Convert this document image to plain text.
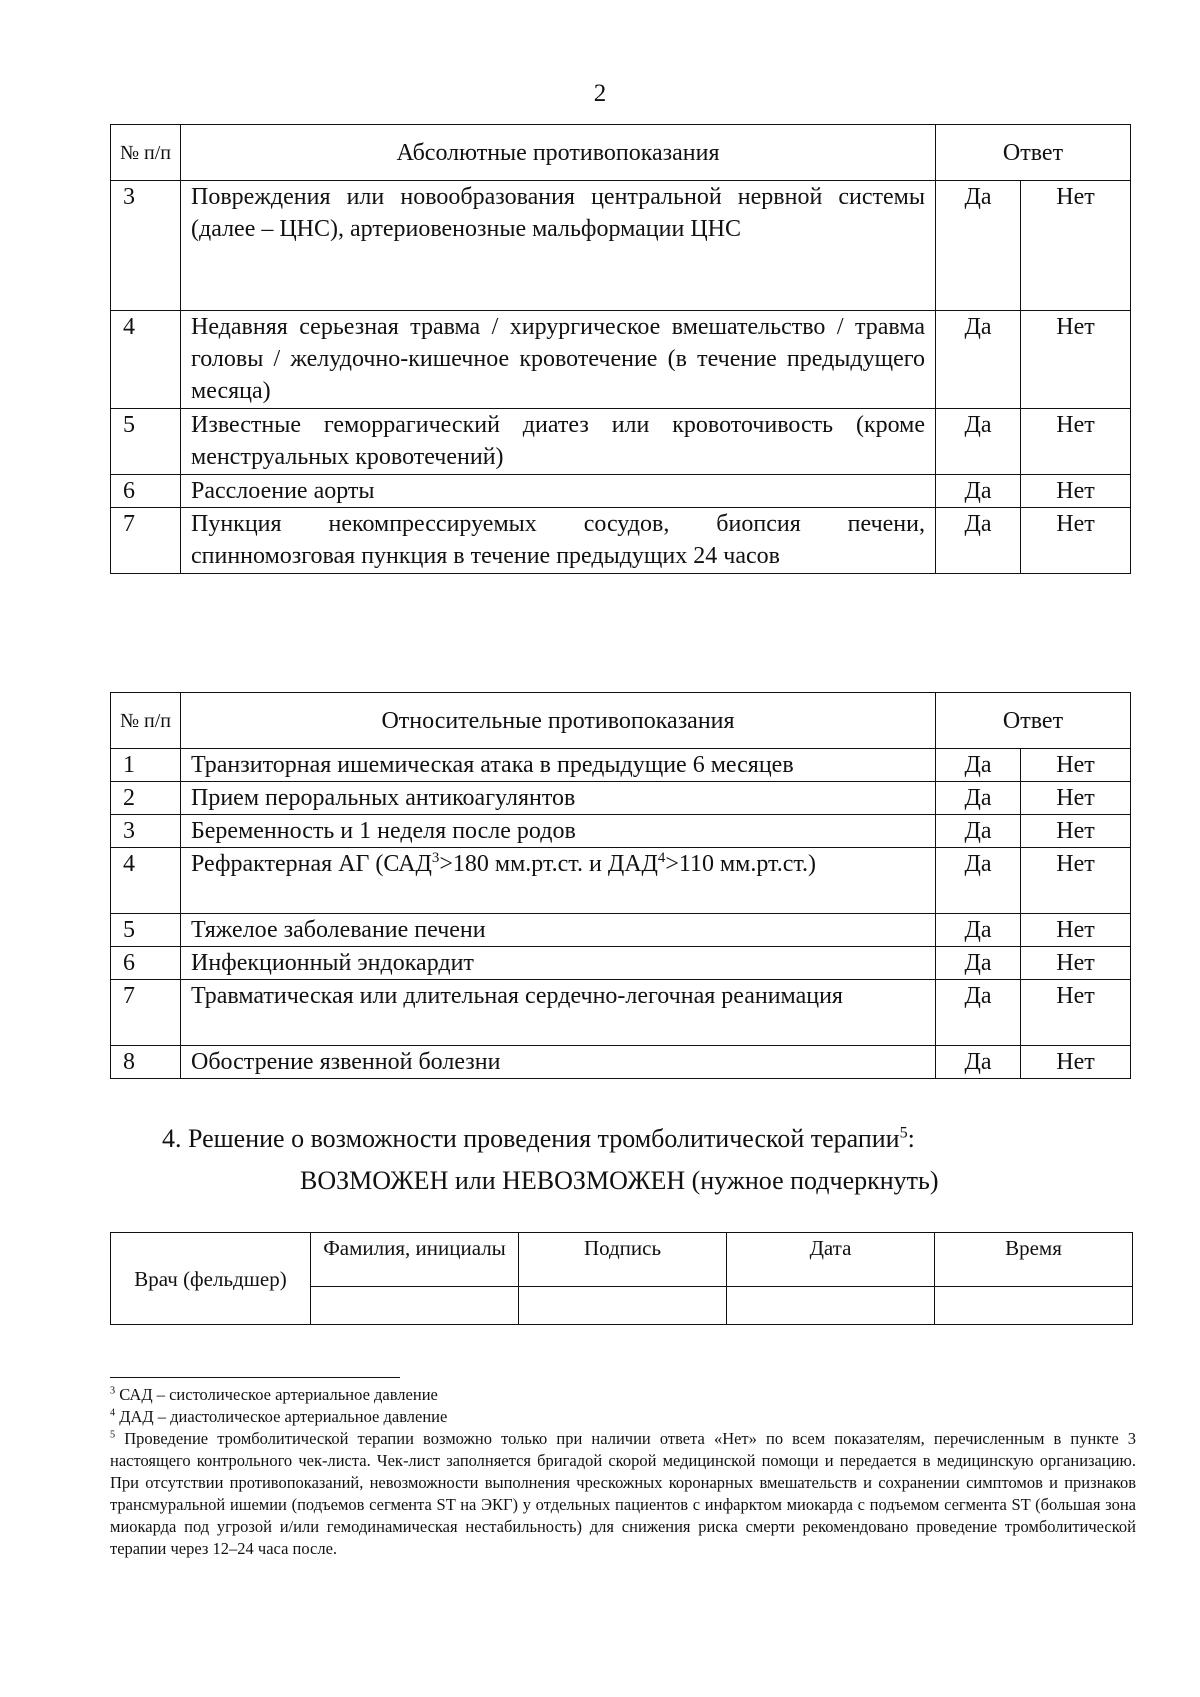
2
№ п/п	Абсолютные противопоказания	Ответ	
3	Повреждения или новообразования центральной нервной системы (далее – ЦНС), артериовенозные мальформации ЦНС	Да	Нет
4	Недавняя серьезная травма / хирургическое вмешательство / травма головы / желудочно-кишечное кровотечение (в течение предыдущего месяца)	Да	Нет
5	Известные геморрагический диатез или кровоточивость (кроме менструальных кровотечений)	Да	Нет
6	Расслоение аорты	Да	Нет
7	Пункция некомпрессируемых сосудов, биопсия печени, спинномозговая пункция в течение предыдущих 24 часов	Да	Нет
№ п/п	Относительные противопоказания	Ответ	
1	Транзиторная ишемическая атака в предыдущие 6 месяцев	Да	Нет
2	Прием пероральных антикоагулянтов	Да	Нет
3	Беременность и 1 неделя после родов	Да	Нет
4	Рефрактерная АГ ($САД^3>180$ мм.рт.ст. и $ДАД^4>110$ мм.рт.ст.)	Да	Нет
5	Тяжелое заболевание печени	Да	Нет
6	Инфекционный эндокардит	Да	Нет
7	Травматическая или длительная сердечно-легочная реанимация	Да	Нет
8	Обострение язвенной болезни	Да	Нет
4. Решение о возможности проведения тромболитической терапии$^5$:
ВОЗМОЖЕН или НЕВОЗМОЖЕН (нужное подчеркнуть)
Врач (фельдшер)	Фамилия, инициалы	Подпись	Дата	Время

$^3$ САД – систолическое артериальное давление

$^4$ ДАД – диастолическое артериальное давление

$^5$ Проведение тромболитической терапии возможно только при наличии ответа «Нет» по всем показателям, перечисленным в пункте 3 настоящего контрольного чек-листа. Чек-лист заполняется бригадой скорой медицинской помощи и передается в медицинскую организацию. При отсутствии противопоказаний, невозможности выполнения чрескожных коронарных вмешательств и сохранении симптомов и признаков трансмуральной ишемии (подъемов сегмента ST на ЭКГ) у отдельных пациентов с инфарктом миокарда с подъемом сегмента ST (большая зона миокарда под угрозой и/или гемодинамическая нестабильность) для снижения риска смерти рекомендовано проведение тромболитической терапии через 12–24 часа после.
